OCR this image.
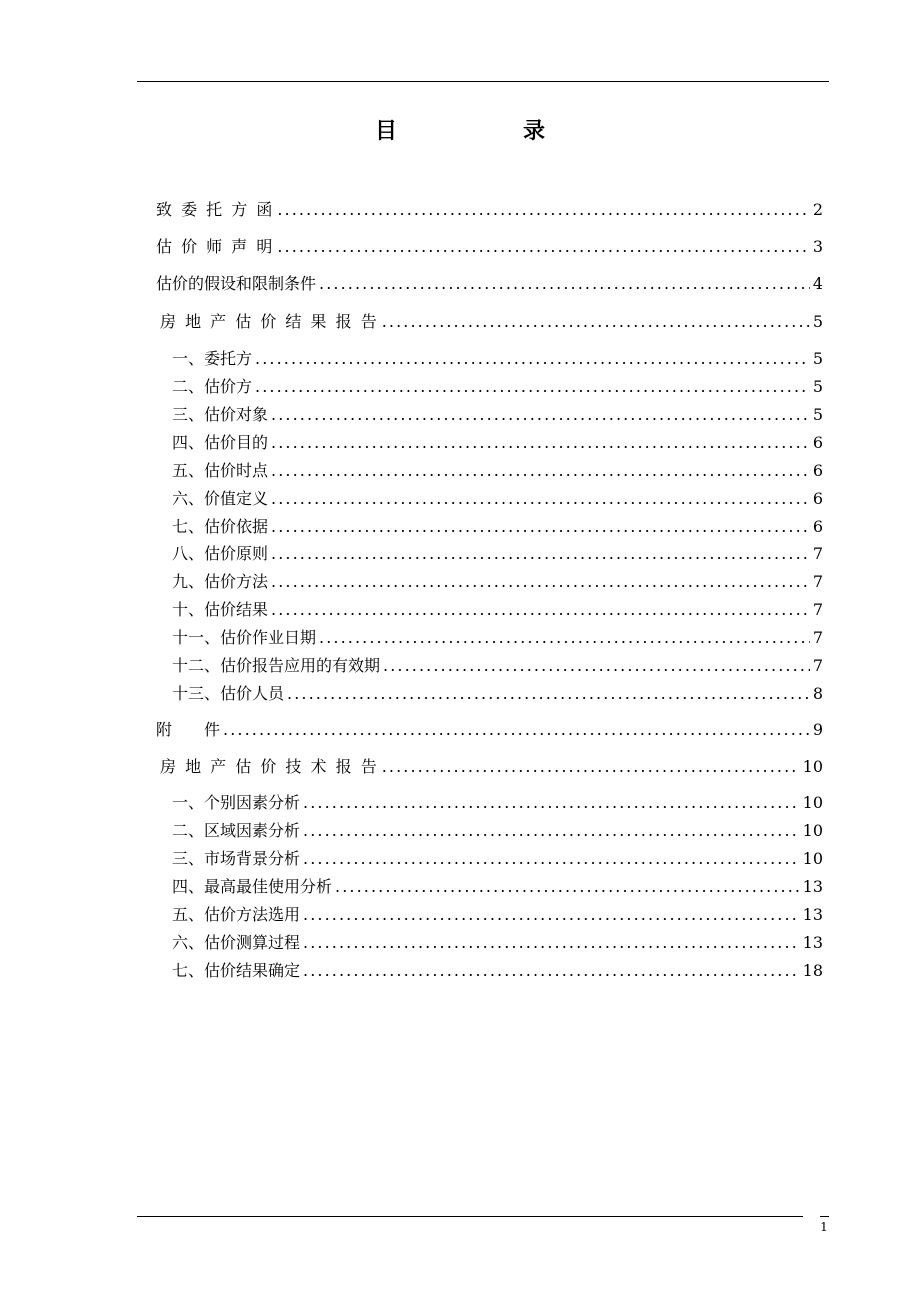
目　录
致 委 托 方 函 .....	2
估 价 师 声 明 .....	3
估价的假设和限制条件 .....	4
房 地 产 估 价 结 果 报 告 .....	5
一、委托方 .....	5
二、估价方 .....	5
三、估价对象 .....	5
四、估价目的 .....	6
五、估价时点 .....	6
六、价值定义 .....	6
七、估价依据 .....	6
八、估价原则 .....	7
九、估价方法 .....	7
十、估价结果 .....	7
十一、估价作业日期 .....	7
十二、估价报告应用的有效期 .....	7
十三、估价人员 .....	8
附　　件 .....	9
房 地 产 估 价 技 术 报 告 .....	10
一、个别因素分析 .....	10
二、区域因素分析 .....	10
三、市场背景分析 .....	10
四、最高最佳使用分析 .....	13
五、估价方法选用 .....	13
六、估价测算过程 .....	13
七、估价结果确定 .....	18
1
